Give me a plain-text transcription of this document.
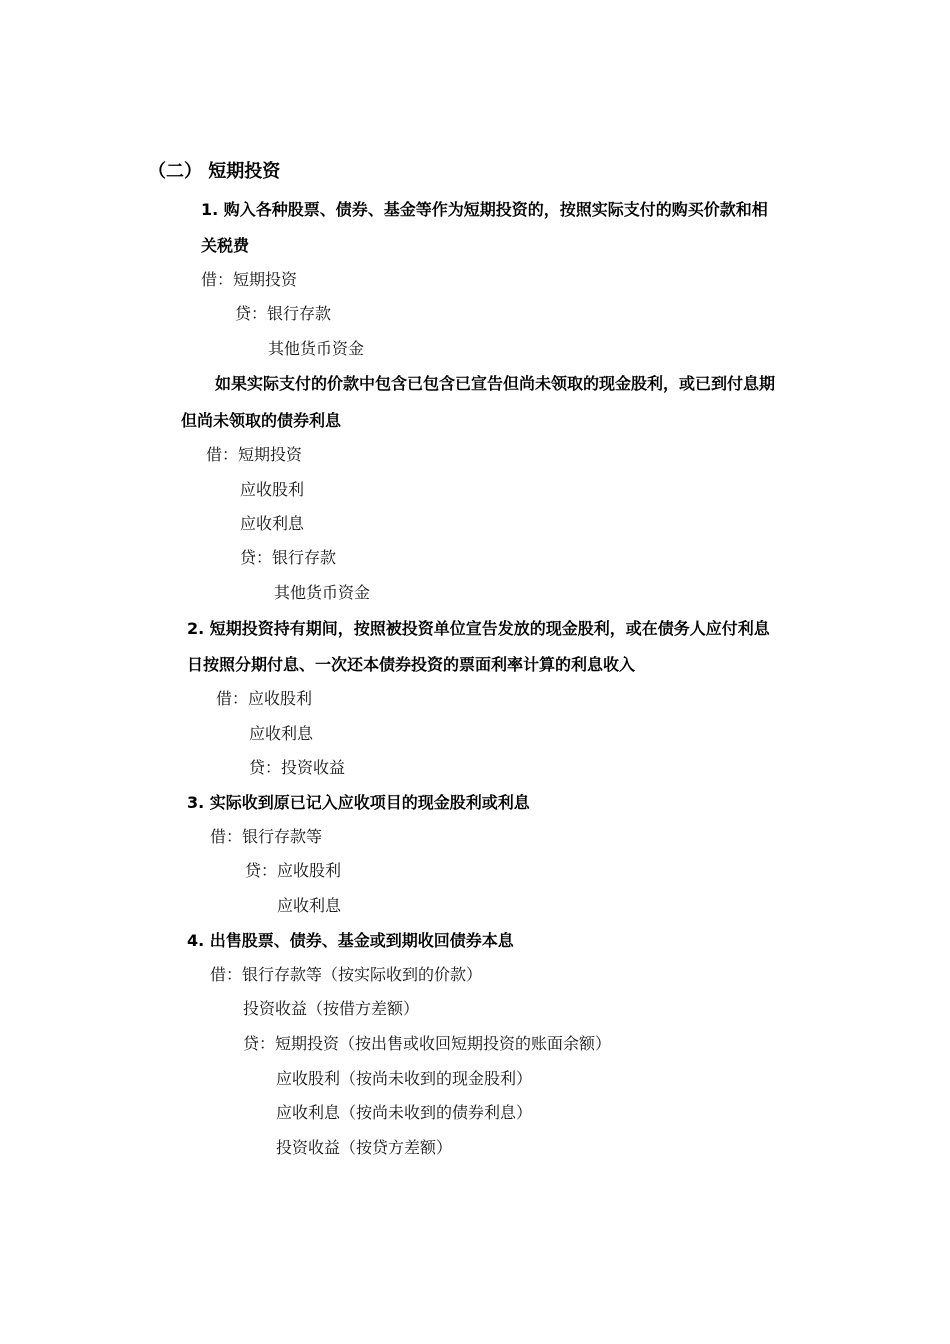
（二） 短期投资
1. 购入各种股票、债券、基金等作为短期投资的，按照实际支付的购买价款和相
关税费
借：短期投资
贷：银行存款
其他货币资金
如果实际支付的价款中包含已包含已宣告但尚未领取的现金股利，或已到付息期
但尚未领取的债券利息
借：短期投资
应收股利
应收利息
贷：银行存款
其他货币资金
2. 短期投资持有期间，按照被投资单位宣告发放的现金股利，或在债务人应付利息
日按照分期付息、一次还本债券投资的票面利率计算的利息收入
借：应收股利
应收利息
贷：投资收益
3. 实际收到原已记入应收项目的现金股利或利息
借：银行存款等
贷：应收股利
应收利息
4. 出售股票、债券、基金或到期收回债券本息
借：银行存款等（按实际收到的价款）
投资收益（按借方差额）
贷：短期投资（按出售或收回短期投资的账面余额）
应收股利（按尚未收到的现金股利）
应收利息（按尚未收到的债券利息）
投资收益（按贷方差额）
